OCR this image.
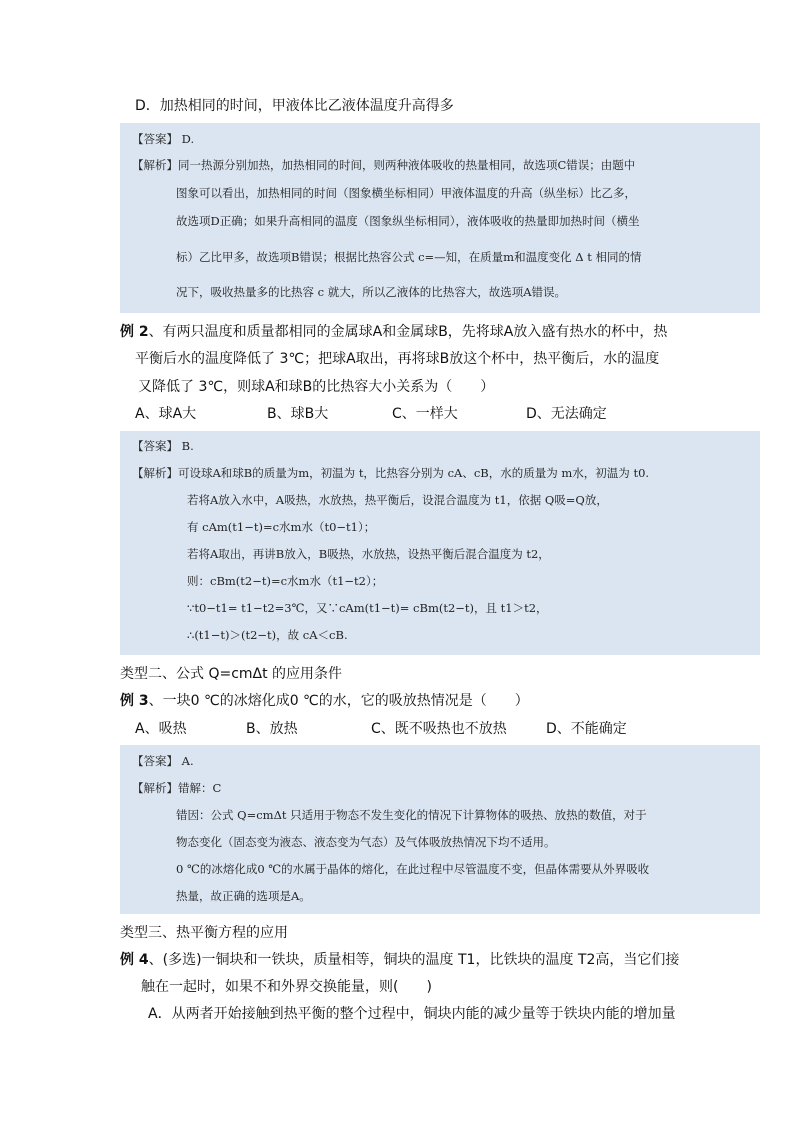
D．加热相同的时间，甲液体比乙液体温度升高得多
【答案】 D.
【解析】同一热源分别加热，加热相同的时间，则两种液体吸收的热量相同，故选项C错误；由题中
图象可以看出，加热相同的时间（图象横坐标相同）甲液体温度的升高（纵坐标）比乙多，
故选项D正确；如果升高相同的温度（图象纵坐标相同），液体吸收的热量即加热时间（横坐
标）乙比甲多，故选项B错误；根据比热容公式 c=—知，在质量m和温度变化 Δ t 相同的情
况下，吸收热量多的比热容 c 就大，所以乙液体的比热容大，故选项A错误。
例 2、有两只温度和质量都相同的金属球A和金属球B，先将球A放入盛有热水的杯中，热
平衡后水的温度降低了 3℃；把球A取出，再将球B放这个杯中，热平衡后，水的温度
又降低了 3℃，则球A和球B的比热容大小关系为（　　）
A、球A大	B、球B大	C、一样大	D、无法确定
【答案】 B.
【解析】可设球A和球B的质量为m，初温为 t，比热容分别为 cA、cB，水的质量为 m水，初温为 t0.
若将A放入水中，A吸热，水放热，热平衡后，设混合温度为 t1，依据 Q吸=Q放，
有 cAm(t1−t)=c水m水（t0−t1）；
若将A取出，再讲B放入，B吸热，水放热，设热平衡后混合温度为 t2，
则：cBm(t2−t)=c水m水（t1−t2）；
∵t0−t1= t1−t2=3℃，又∵cAm(t1−t)= cBm(t2−t)，且 t1＞t2，
∴(t1−t)＞(t2−t)，故 cA＜cB.
类型二、公式 Q=cmΔt 的应用条件
例 3、一块0 ℃的冰熔化成0 ℃的水，它的吸放热情况是（　　）
A、吸热	B、放热	C、既不吸热也不放热	D、不能确定
【答案】 A.
【解析】错解：C
错因：公式 Q=cmΔt 只适用于物态不发生变化的情况下计算物体的吸热、放热的数值，对于
物态变化（固态变为液态、液态变为气态）及气体吸放热情况下均不适用。
0 ℃的冰熔化成0 ℃的水属于晶体的熔化，在此过程中尽管温度不变，但晶体需要从外界吸收
热量，故正确的选项是A。
类型三、热平衡方程的应用
例 4、(多选)一铜块和一铁块，质量相等，铜块的温度 T1，比铁块的温度 T2高，当它们接
触在一起时，如果不和外界交换能量，则(　　)
A．从两者开始接触到热平衡的整个过程中，铜块内能的减少量等于铁块内能的增加量
